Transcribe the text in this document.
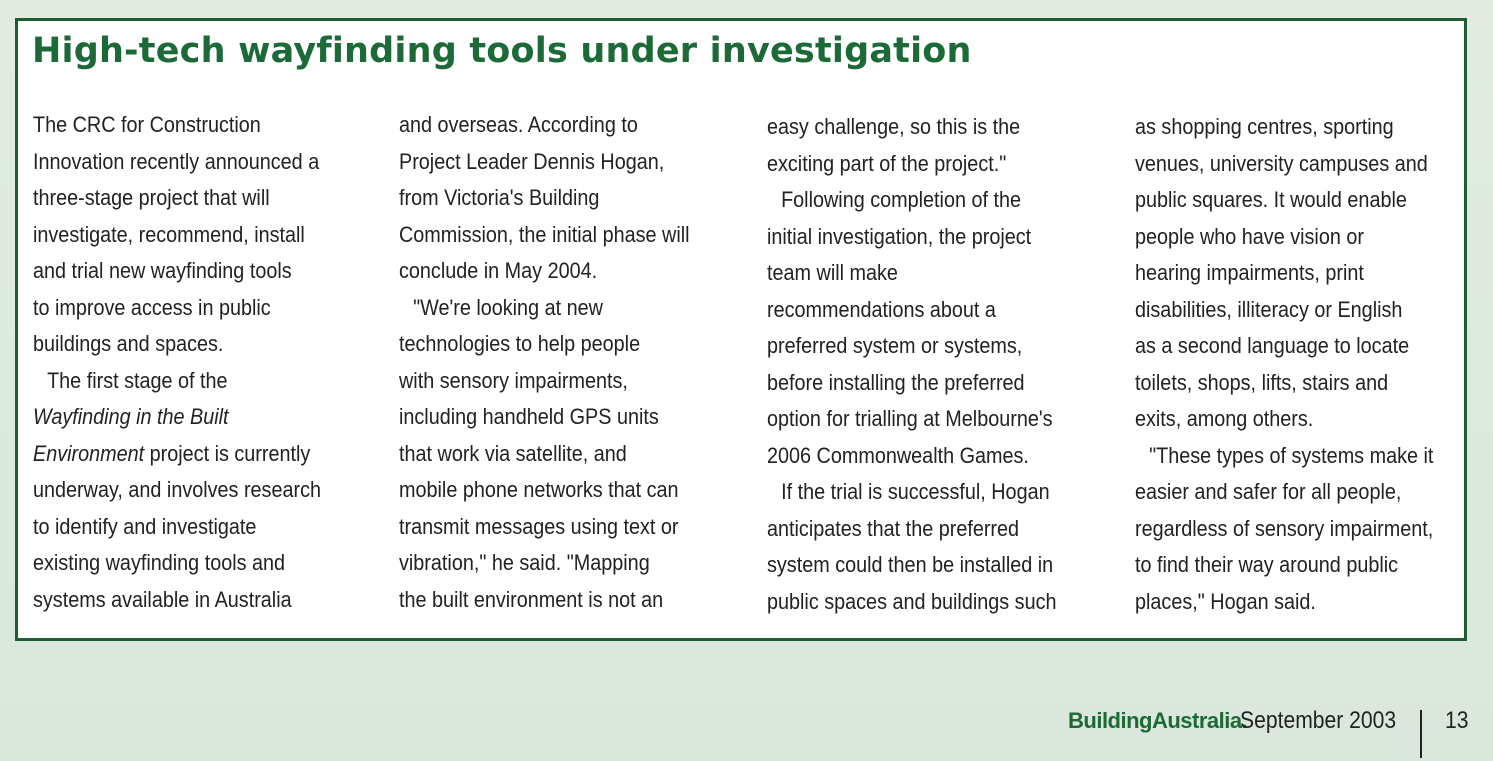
High-tech wayfinding tools under investigation
The CRC for Construction
Innovation recently announced a
three-stage project that will
investigate, recommend, install
and trial new wayfinding tools
to improve access in public
buildings and spaces.
The first stage of the
Wayfinding in the Built
Environment project is currently
underway, and involves research
to identify and investigate
existing wayfinding tools and
systems available in Australia
and overseas. According to
Project Leader Dennis Hogan,
from Victoria's Building
Commission, the initial phase will
conclude in May 2004.
"We're looking at new
technologies to help people
with sensory impairments,
including handheld GPS units
that work via satellite, and
mobile phone networks that can
transmit messages using text or
vibration," he said. "Mapping
the built environment is not an
easy challenge, so this is the
exciting part of the project."
Following completion of the
initial investigation, the project
team will make
recommendations about a
preferred system or systems,
before installing the preferred
option for trialling at Melbourne's
2006 Commonwealth Games.
If the trial is successful, Hogan
anticipates that the preferred
system could then be installed in
public spaces and buildings such
as shopping centres, sporting
venues, university campuses and
public squares. It would enable
people who have vision or
hearing impairments, print
disabilities, illiteracy or English
as a second language to locate
toilets, shops, lifts, stairs and
exits, among others.
"These types of systems make it
easier and safer for all people,
regardless of sensory impairment,
to find their way around public
places," Hogan said.
BuildingAustralia.
September 2003 13
